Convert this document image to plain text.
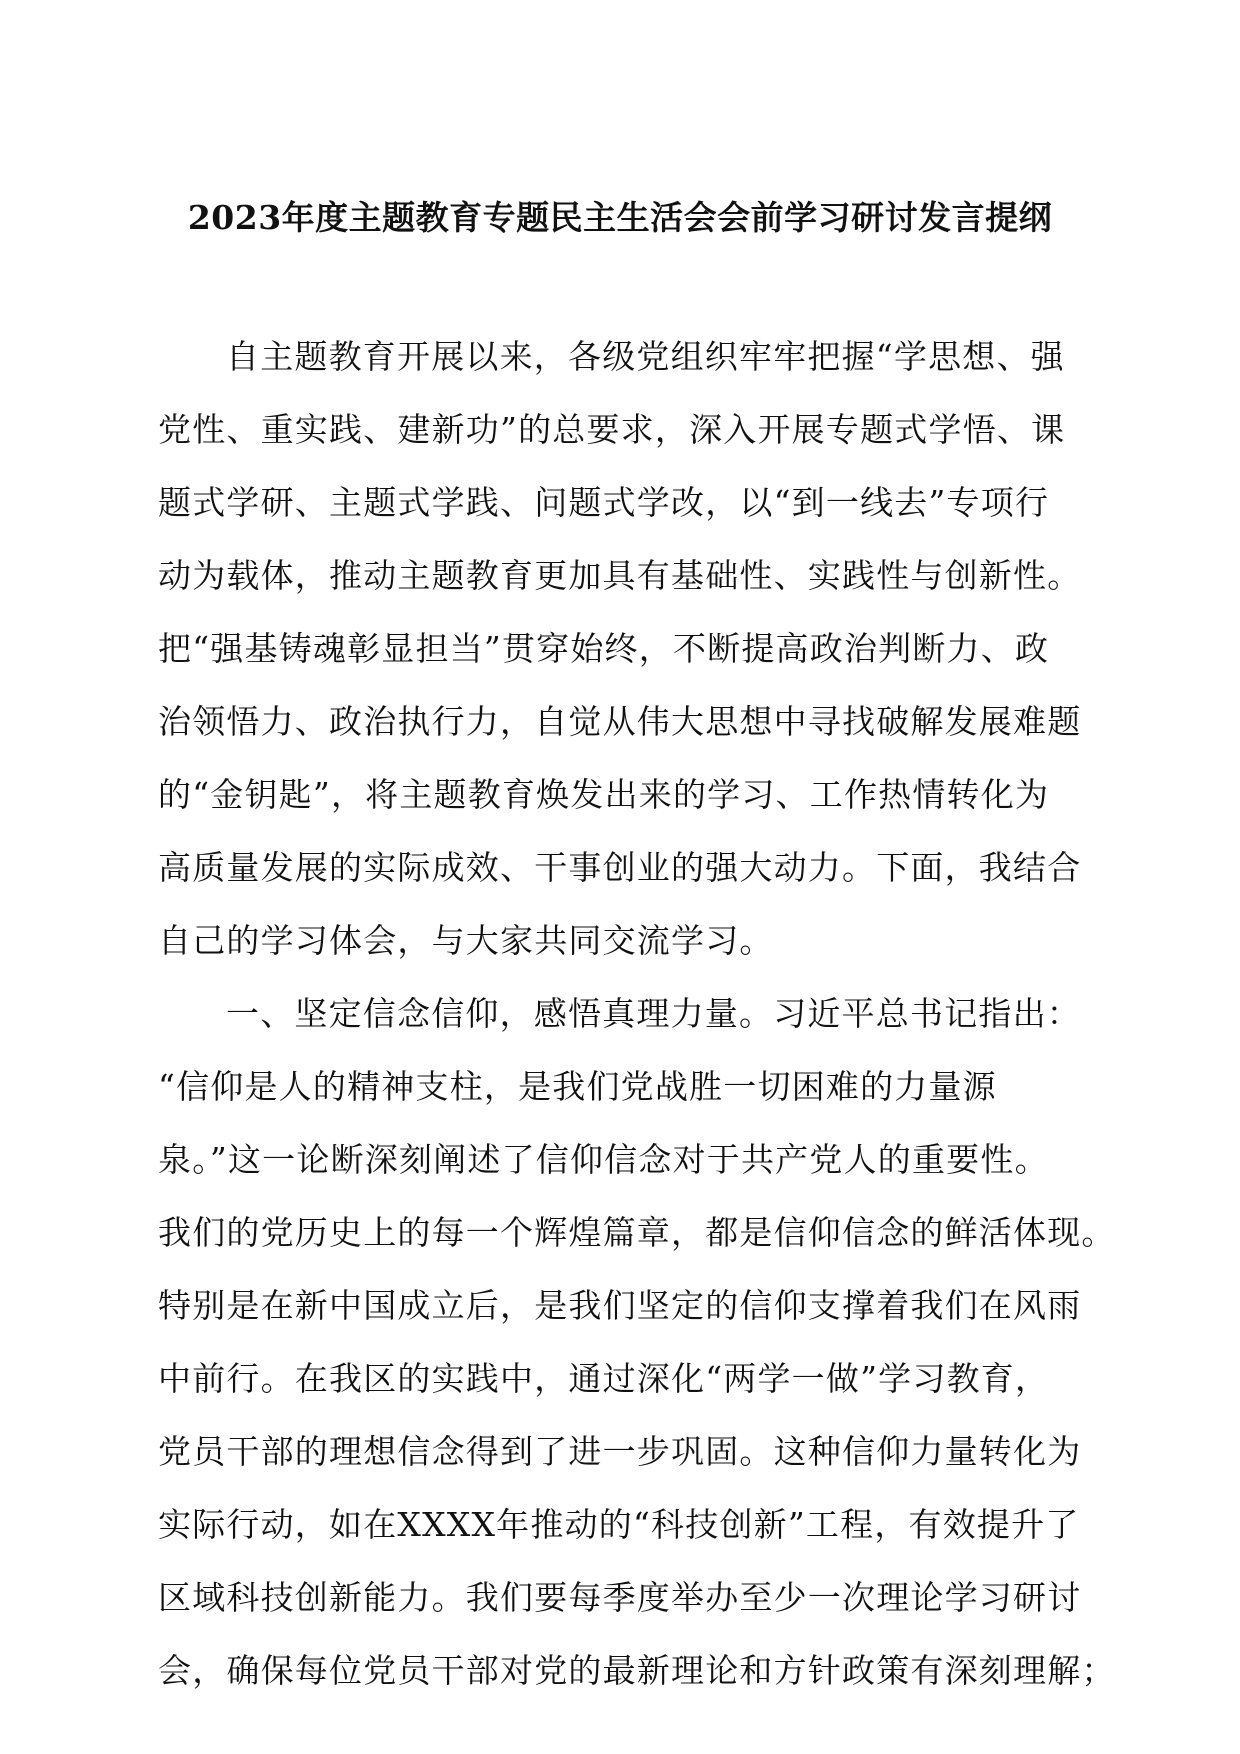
2023年度主题教育专题民主生活会会前学习研讨发言提纲
自主题教育开展以来，各级党组织牢牢把握“学思想、强
党性、重实践、建新功”的总要求，深入开展专题式学悟、课
题式学研、主题式学践、问题式学改，以“到一线去”专项行
动为载体，推动主题教育更加具有基础性、实践性与创新性。
把“强基铸魂彰显担当”贯穿始终，不断提高政治判断力、政
治领悟力、政治执行力，自觉从伟大思想中寻找破解发展难题
的“金钥匙”，将主题教育焕发出来的学习、工作热情转化为
高质量发展的实际成效、干事创业的强大动力。下面，我结合
自己的学习体会，与大家共同交流学习。
一、坚定信念信仰，感悟真理力量。习近平总书记指出：
“信仰是人的精神支柱，是我们党战胜一切困难的力量源
泉。”这一论断深刻阐述了信仰信念对于共产党人的重要性。
我们的党历史上的每一个辉煌篇章，都是信仰信念的鲜活体现。
特别是在新中国成立后，是我们坚定的信仰支撑着我们在风雨
中前行。在我区的实践中，通过深化“两学一做”学习教育，
党员干部的理想信念得到了进一步巩固。这种信仰力量转化为
实际行动，如在XXXX年推动的“科技创新”工程，有效提升了
区域科技创新能力。我们要每季度举办至少一次理论学习研讨
会，确保每位党员干部对党的最新理论和方针政策有深刻理解；
